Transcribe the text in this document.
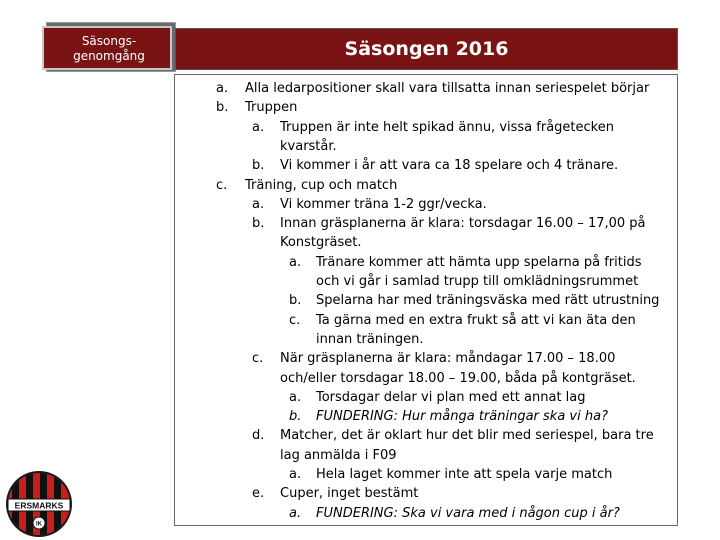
Säsongs-
genomgång	Säsongen 2016
a. Alla ledarpositioner skall vara tillsatta innan seriespelet börjar
b. Truppen
a. Truppen är inte helt spikad ännu, vissa frågetecken
kvarstår.
b. Vi kommer i år att vara ca 18 spelare och 4 tränare.
c. Träning, cup och match
a. Vi kommer träna 1-2 ggr/vecka.
b. Innan gräsplanerna är klara: torsdagar 16.00 – 17,00 på
Konstgräset.
a. Tränare kommer att hämta upp spelarna på fritids
och vi går i samlad trupp till omklädningsrummet
b. Spelarna har med träningsväska med rätt utrustning
c. Ta gärna med en extra frukt så att vi kan äta den
innan träningen.
c. När gräsplanerna är klara: måndagar 17.00 – 18.00
och/eller torsdagar 18.00 – 19.00, båda på kontgräset.
a. Torsdagar delar vi plan med ett annat lag
b. FUNDERING: Hur många träningar ska vi ha?
d. Matcher, det är oklart hur det blir med seriespel, bara tre
lag anmälda i F09
a. Hela laget kommer inte att spela varje match
e. Cuper, inget bestämt
a. FUNDERING: Ska vi vara med i någon cup i år?
ERSMARKS
IK
